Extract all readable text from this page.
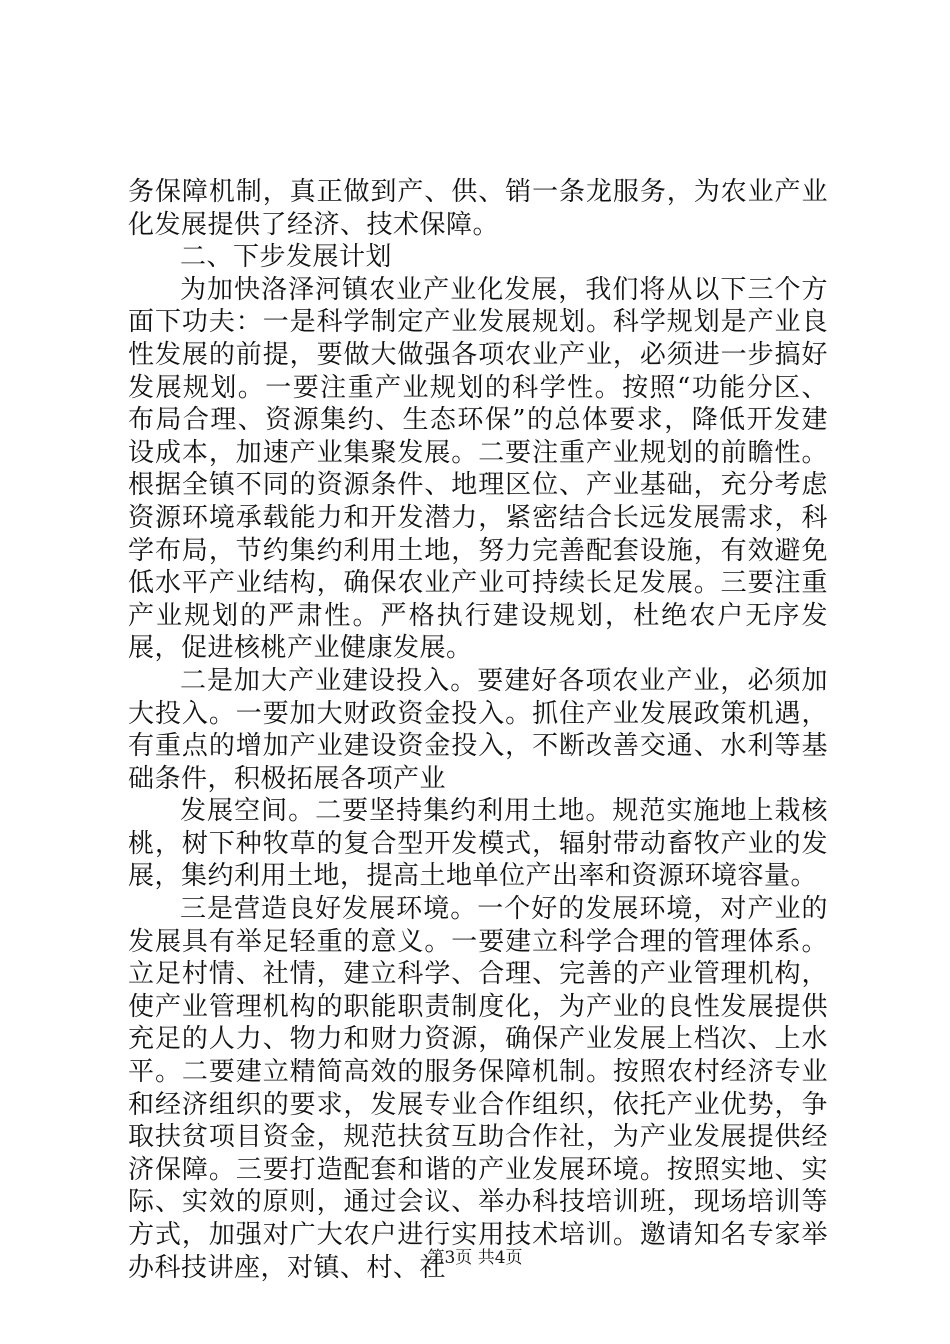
务保障机制，真正做到产、供、销一条龙服务，为农业产业化发展提供了经济、技术保障。

二、下步发展计划

为加快洛泽河镇农业产业化发展，我们将从以下三个方面下功夫：一是科学制定产业发展规划。科学规划是产业良性发展的前提，要做大做强各项农业产业，必须进一步搞好发展规划。一要注重产业规划的科学性。按照“功能分区、布局合理、资源集约、生态环保”的总体要求，降低开发建设成本，加速产业集聚发展。二要注重产业规划的前瞻性。根据全镇不同的资源条件、地理区位、产业基础，充分考虑资源环境承载能力和开发潜力，紧密结合长远发展需求，科学布局，节约集约利用土地，努力完善配套设施，有效避免低水平产业结构，确保农业产业可持续长足发展。三要注重产业规划的严肃性。严格执行建设规划，杜绝农户无序发展，促进核桃产业健康发展。

二是加大产业建设投入。要建好各项农业产业，必须加大投入。一要加大财政资金投入。抓住产业发展政策机遇，有重点的增加产业建设资金投入，不断改善交通、水利等基础条件，积极拓展各项产业

发展空间。二要坚持集约利用土地。规范实施地上栽核桃，树下种牧草的复合型开发模式，辐射带动畜牧产业的发展，集约利用土地，提高土地单位产出率和资源环境容量。

三是营造良好发展环境。一个好的发展环境，对产业的发展具有举足轻重的意义。一要建立科学合理的管理体系。立足村情、社情，建立科学、合理、完善的产业管理机构，使产业管理机构的职能职责制度化，为产业的良性发展提供充足的人力、物力和财力资源，确保产业发展上档次、上水平。二要建立精简高效的服务保障机制。按照农村经济专业和经济组织的要求，发展专业合作组织，依托产业优势，争取扶贫项目资金，规范扶贫互助合作社，为产业发展提供经济保障。三要打造配套和谐的产业发展环境。按照实地、实际、实效的原则，通过会议、举办科技培训班，现场培训等方式，加强对广大农户进行实用技术培训。邀请知名专家举办科技讲座，对镇、村、社

第3页 共4页
